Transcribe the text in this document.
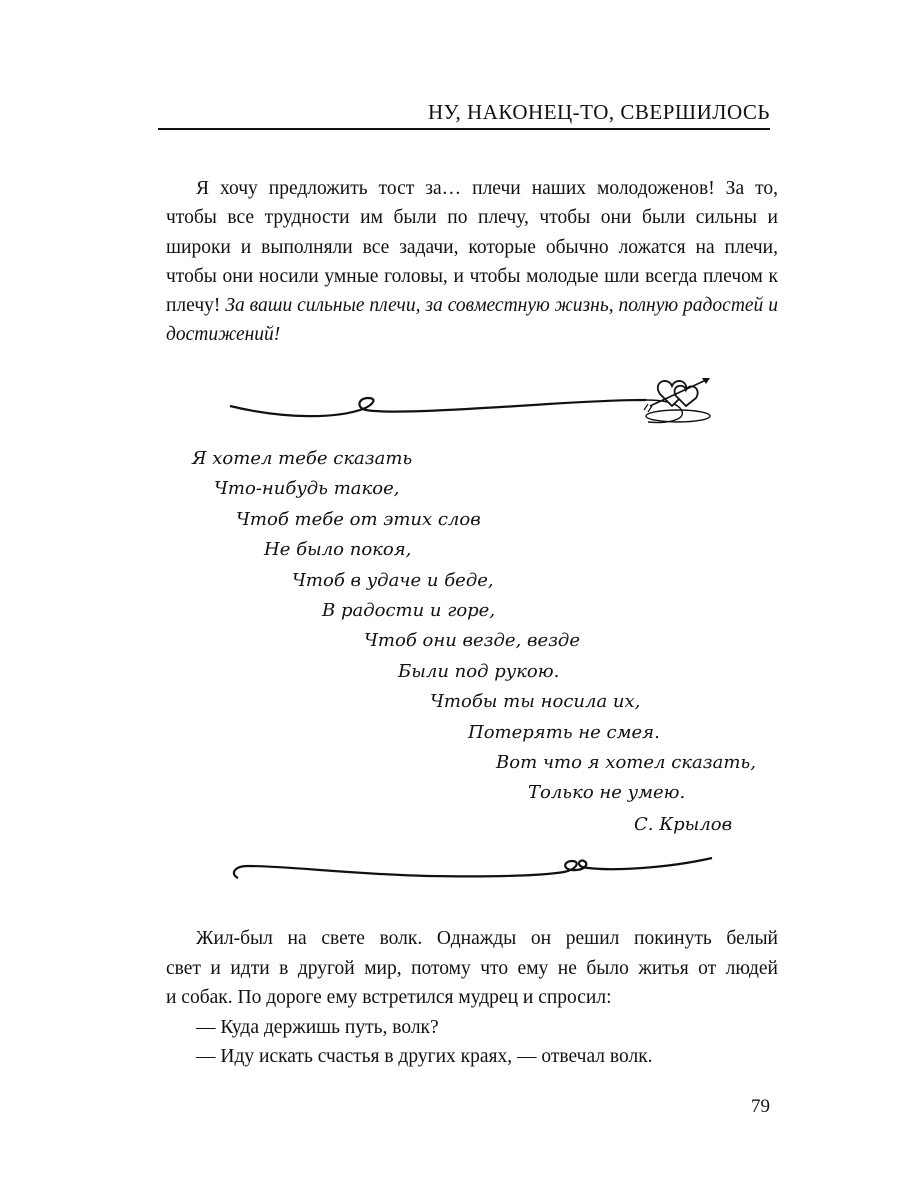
НУ, НАКОНЕЦ-ТО, СВЕРШИЛОСЬ

Я хочу предложить тост за… плечи наших молодоженов! За то, чтобы все трудности им были по плечу, чтобы они были сильны и широки и выполняли все задачи, которые обычно ложатся на плечи, чтобы они носили умные головы, и чтобы молодые шли всегда плечом к плечу! За ваши сильные плечи, за совместную жизнь, полную радостей и достижений!

Я хотел тебе сказать
Что-нибудь такое,
Чтоб тебе от этих слов
Не было покоя,
Чтоб в удаче и беде,
В радости и горе,
Чтоб они везде, везде
Были под рукою.
Чтобы ты носила их,
Потерять не смея.
Вот что я хотел сказать,
Только не умею.
С. Крылов
Жил-был на свете волк. Однажды он решил покинуть белый
свет и идти в другой мир, потому что ему не было житья от людей
и собак. По дороге ему встретился мудрец и спросил:
— Куда держишь путь, волк?
— Иду искать счастья в других краях, — отвечал волк.
79
